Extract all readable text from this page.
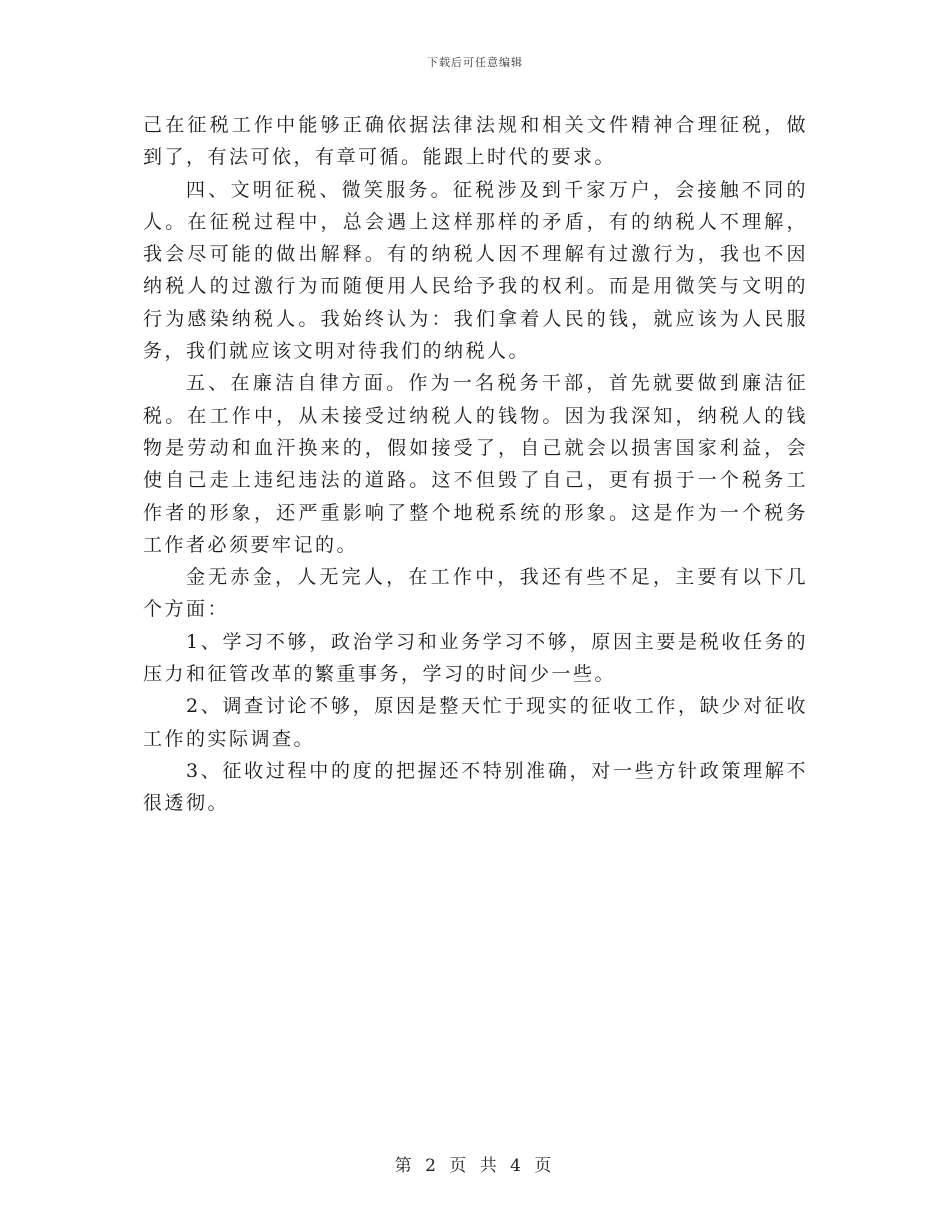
下载后可任意编辑

己在征税工作中能够正确依据法律法规和相关文件精神合理征税，做到了，有法可依，有章可循。能跟上时代的要求。

四、文明征税、微笑服务。征税涉及到千家万户，会接触不同的人。在征税过程中，总会遇上这样那样的矛盾，有的纳税人不理解，我会尽可能的做出解释。有的纳税人因不理解有过激行为，我也不因纳税人的过激行为而随便用人民给予我的权利。而是用微笑与文明的行为感染纳税人。我始终认为：我们拿着人民的钱，就应该为人民服务，我们就应该文明对待我们的纳税人。

五、在廉洁自律方面。作为一名税务干部，首先就要做到廉洁征税。在工作中，从未接受过纳税人的钱物。因为我深知，纳税人的钱物是劳动和血汗换来的，假如接受了，自己就会以损害国家利益，会使自己走上违纪违法的道路。这不但毁了自己，更有损于一个税务工作者的形象，还严重影响了整个地税系统的形象。这是作为一个税务工作者必须要牢记的。

金无赤金，人无完人，在工作中，我还有些不足，主要有以下几个方面：

1、学习不够，政治学习和业务学习不够，原因主要是税收任务的压力和征管改革的繁重事务，学习的时间少一些。

2、调查讨论不够，原因是整天忙于现实的征收工作，缺少对征收工作的实际调查。

3、征收过程中的度的把握还不特别准确，对一些方针政策理解不很透彻。

第 2 页 共 4 页
